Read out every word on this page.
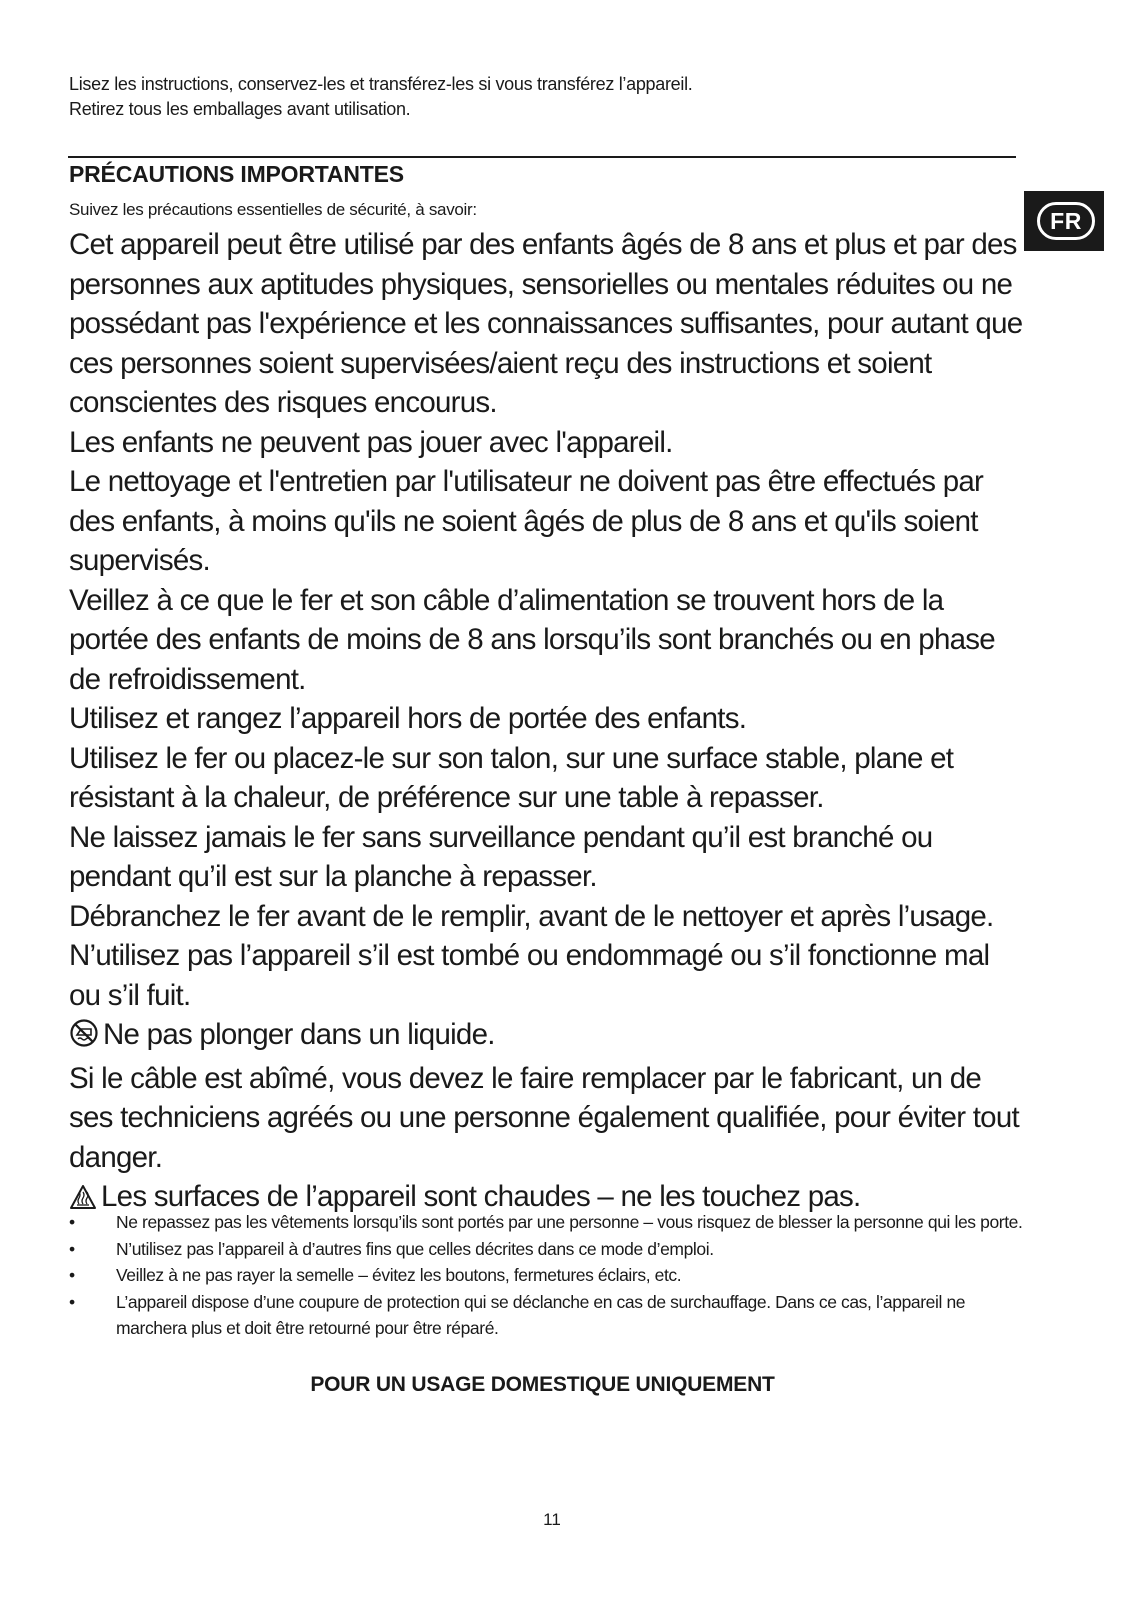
Lisez les instructions, conservez-les et transférez-les si vous transférez l’appareil.
Retirez tous les emballages avant utilisation.
PRÉCAUTIONS IMPORTANTES
Suivez les précautions essentielles de sécurité, à savoir:	FR

Cet appareil peut être utilisé par des enfants âgés de 8 ans et plus et par des personnes aux aptitudes physiques, sensorielles ou mentales réduites ou ne possédant pas l'expérience et les connaissances suffisantes, pour autant que ces personnes soient supervisées/aient reçu des instructions et soient conscientes des risques encourus.

Les enfants ne peuvent pas jouer avec l'appareil.

Le nettoyage et l'entretien par l'utilisateur ne doivent pas être effectués par des enfants, à moins qu'ils ne soient âgés de plus de 8 ans et qu'ils soient supervisés.

Veillez à ce que le fer et son câble d’alimentation se trouvent hors de la portée des enfants de moins de 8 ans lorsqu’ils sont branchés ou en phase de refroidissement.

Utilisez et rangez l’appareil hors de portée des enfants.

Utilisez le fer ou placez-le sur son talon, sur une surface stable, plane et résistant à la chaleur, de préférence sur une table à repasser.

Ne laissez jamais le fer sans surveillance pendant qu’il est branché ou pendant qu’il est sur la planche à repasser.

Débranchez le fer avant de le remplir, avant de le nettoyer et après l’usage.

N’utilisez pas l’appareil s’il est tombé ou endommagé ou s’il fonctionne mal ou s’il fuit.

Ne pas plonger dans un liquide.

Si le câble est abîmé, vous devez le faire remplacer par le fabricant, un de ses techniciens agréés ou une personne également qualifiée, pour éviter tout danger.

Les surfaces de l’appareil sont chaudes – ne les touchez pas.

• Ne repassez pas les vêtements lorsqu’ils sont portés par une personne – vous risquez de blesser la personne qui les porte.
• N’utilisez pas l’appareil à d’autres fins que celles décrites dans ce mode d’emploi.
• Veillez à ne pas rayer la semelle – évitez les boutons, fermetures éclairs, etc.
• L’appareil dispose d’une coupure de protection qui se déclanche en cas de surchauffage. Dans ce cas, l’appareil ne marchera plus et doit être retourné pour être réparé.
POUR UN USAGE DOMESTIQUE UNIQUEMENT
11
